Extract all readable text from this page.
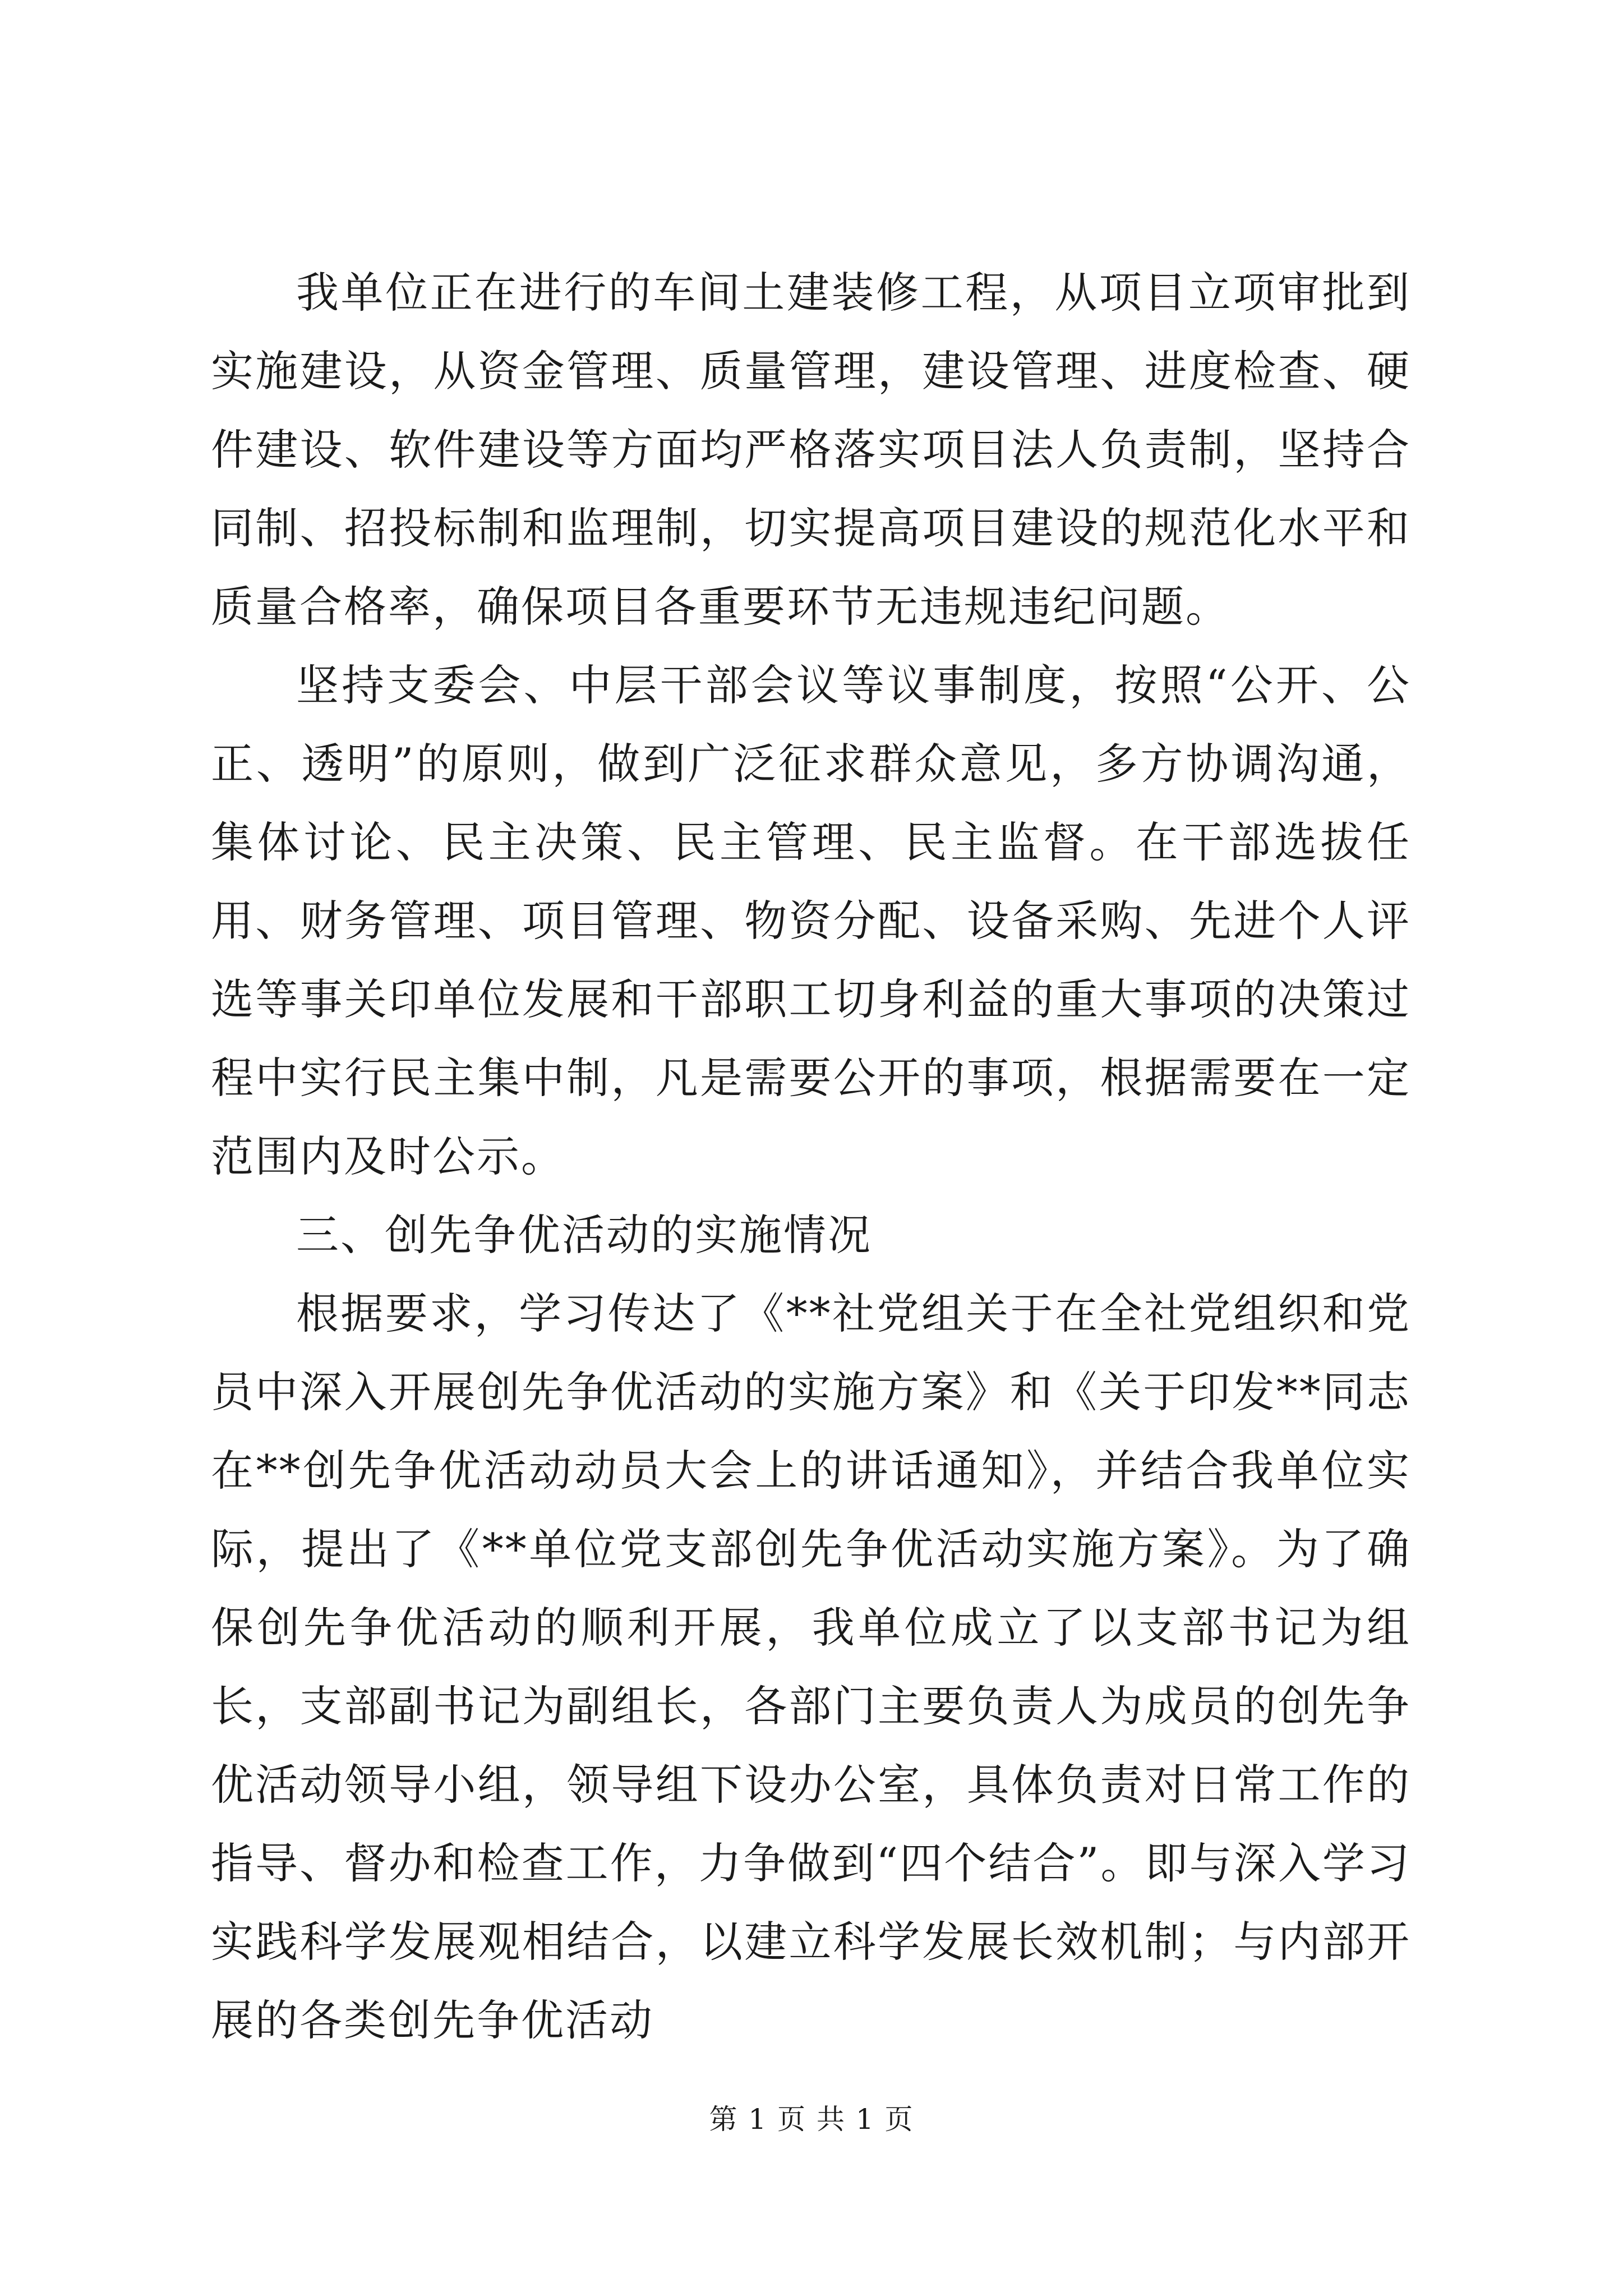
我单位正在进行的车间土建装修工程，从项目立项审批到实施建设，从资金管理、质量管理，建设管理、进度检查、硬件建设、软件建设等方面均严格落实项目法人负责制，坚持合同制、招投标制和监理制，切实提高项目建设的规范化水平和质量合格率，确保项目各重要环节无违规违纪问题。

坚持支委会、中层干部会议等议事制度，按照“公开、公正、透明”的原则，做到广泛征求群众意见，多方协调沟通，集体讨论、民主决策、民主管理、民主监督。在干部选拔任用、财务管理、项目管理、物资分配、设备采购、先进个人评选等事关印单位发展和干部职工切身利益的重大事项的决策过程中实行民主集中制，凡是需要公开的事项，根据需要在一定范围内及时公示。

三、创先争优活动的实施情况

根据要求，学习传达了《**社党组关于在全社党组织和党员中深入开展创先争优活动的实施方案》和《关于印发**同志在**创先争优活动动员大会上的讲话通知》，并结合我单位实际，提出了《**单位党支部创先争优活动实施方案》。为了确保创先争优活动的顺利开展，我单位成立了以支部书记为组长，支部副书记为副组长，各部门主要负责人为成员的创先争优活动领导小组，领导组下设办公室，具体负责对日常工作的指导、督办和检查工作，力争做到“四个结合”。即与深入学习实践科学发展观相结合，以建立科学发展长效机制；与内部开展的各类创先争优活动

第 1 页 共 1 页
